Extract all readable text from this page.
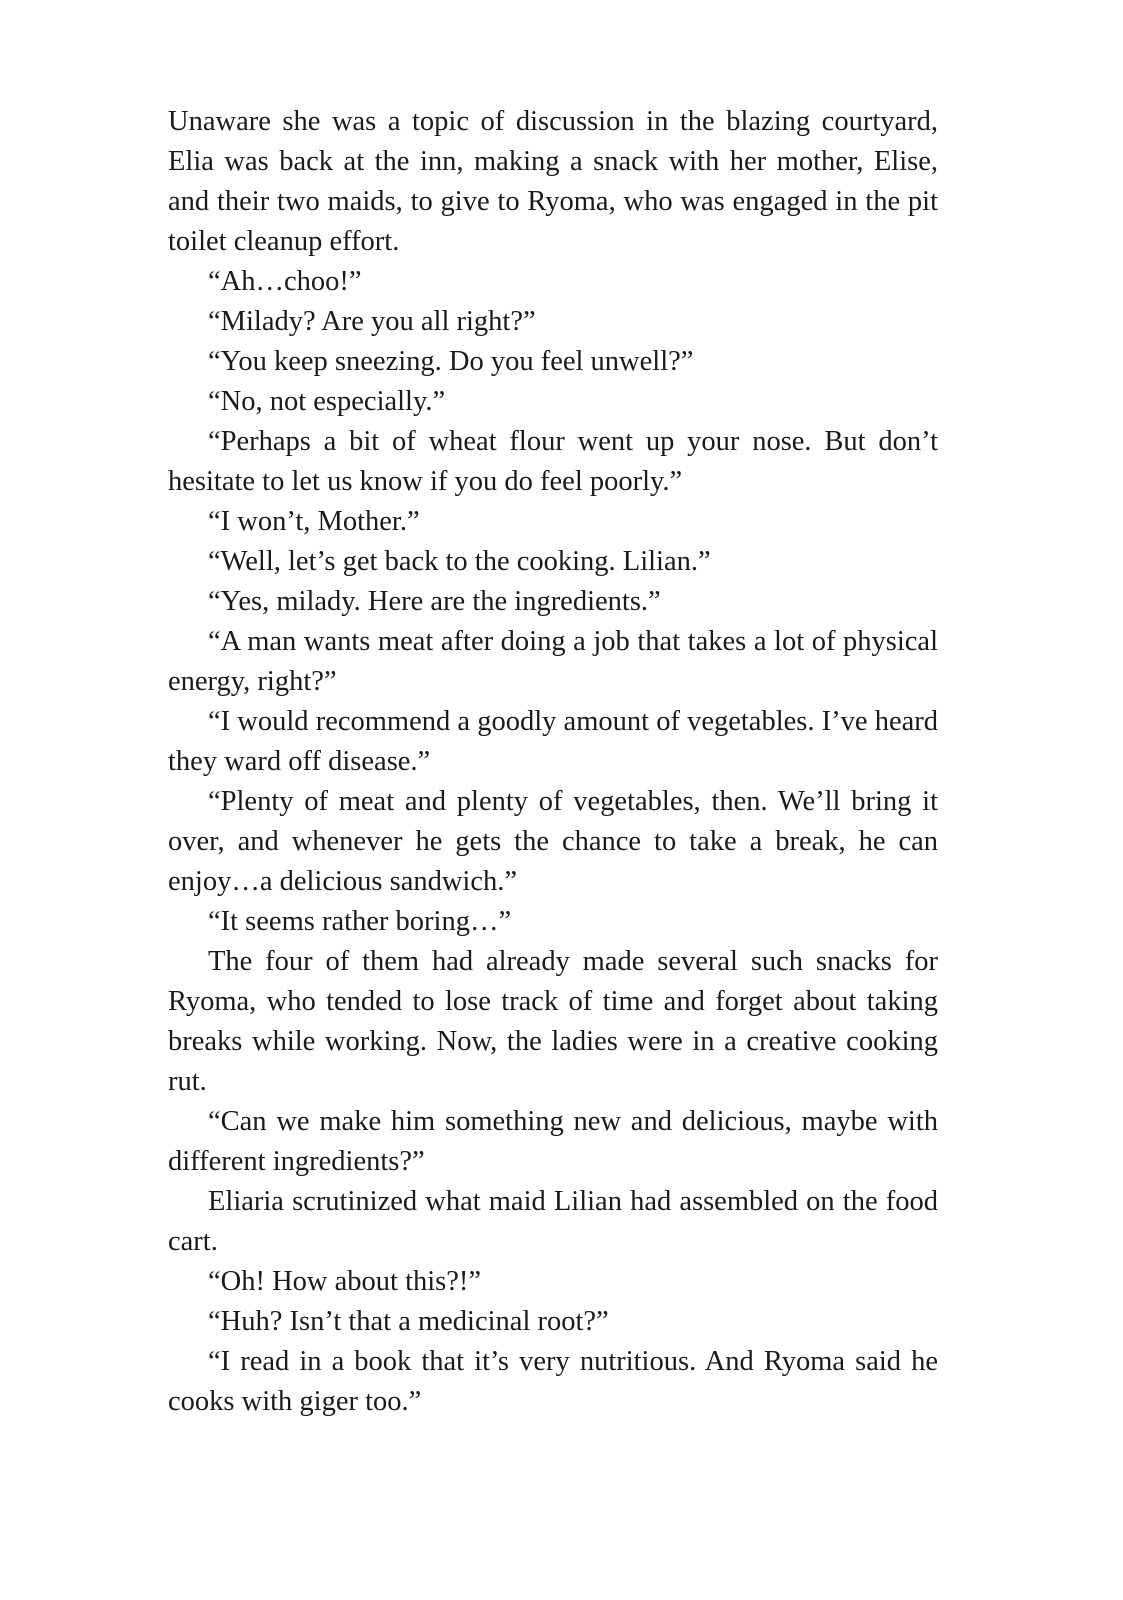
Unaware she was a topic of discussion in the blazing courtyard, Elia was back at the inn, making a snack with her mother, Elise, and their two maids, to give to Ryoma, who was engaged in the pit toilet cleanup effort.

“Ah…choo!”

“Milady? Are you all right?”

“You keep sneezing. Do you feel unwell?”

“No, not especially.”

“Perhaps a bit of wheat flour went up your nose. But don’t hesitate to let us know if you do feel poorly.”

“I won’t, Mother.”

“Well, let’s get back to the cooking. Lilian.”

“Yes, milady. Here are the ingredients.”

“A man wants meat after doing a job that takes a lot of physical energy, right?”

“I would recommend a goodly amount of vegetables. I’ve heard they ward off disease.”

“Plenty of meat and plenty of vegetables, then. We’ll bring it over, and whenever he gets the chance to take a break, he can enjoy…a delicious sandwich.”

“It seems rather boring…”

The four of them had already made several such snacks for Ryoma, who tended to lose track of time and forget about taking breaks while working. Now, the ladies were in a creative cooking rut.

“Can we make him something new and delicious, maybe with different ingredients?”

Eliaria scrutinized what maid Lilian had assembled on the food cart.

“Oh! How about this?!”

“Huh? Isn’t that a medicinal root?”

“I read in a book that it’s very nutritious. And Ryoma said he cooks with giger too.”
